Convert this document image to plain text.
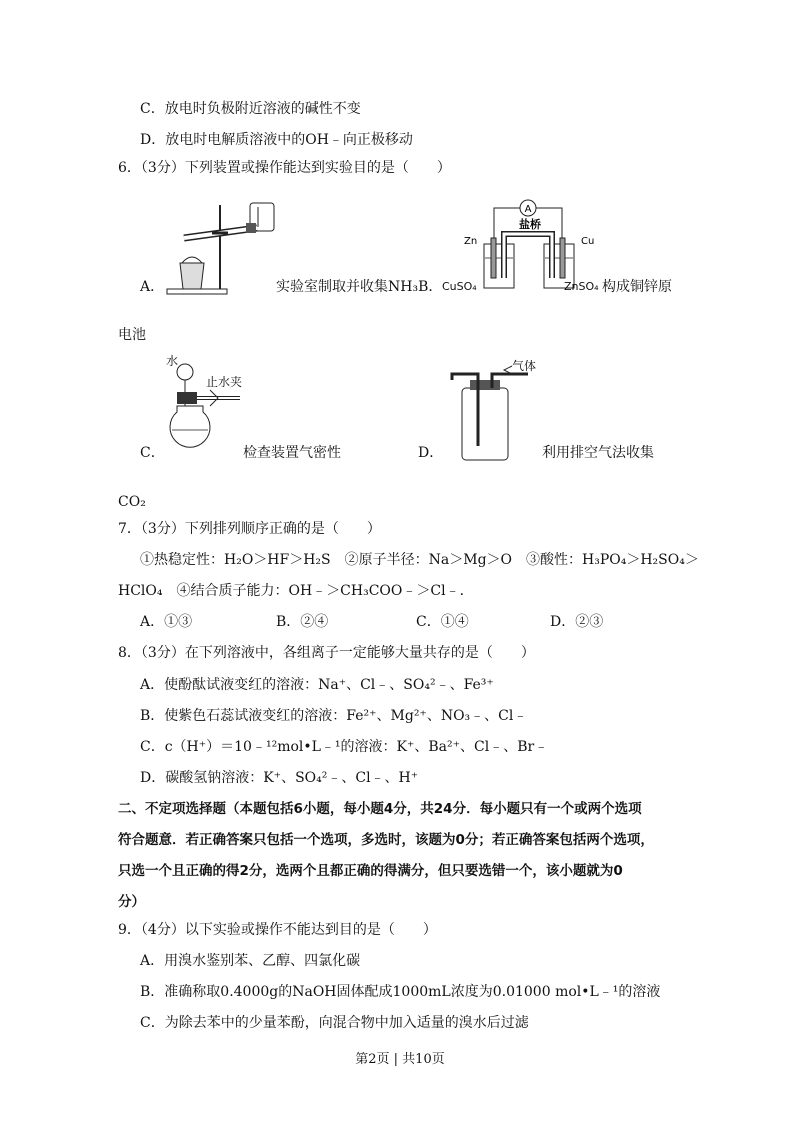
C．放电时负极附近溶液的碱性不变
D．放电时电解质溶液中的OH﹣向正极移动
6．（3分）下列装置或操作能达到实验目的是（　　）
A．	实验室制取并收集NH₃B．
A
盐桥
Zn	Cu
CuSO₄	ZnSO₄ 构成铜锌原
电池
水
止水夹
C．	检查装置气密性
气体
D．	利用排空气法收集
CO₂
7．（3分）下列排列顺序正确的是（　　）
①热稳定性：H₂O＞HF＞H₂S　②原子半径：Na＞Mg＞O　③酸性：H₃PO₄＞H₂SO₄＞
HClO₄　④结合质子能力：OH﹣＞CH₃COO﹣＞Cl﹣．
A．①③	B．②④	C．①④	D．②③
8．（3分）在下列溶液中，各组离子一定能够大量共存的是（　　）
A．使酚酞试液变红的溶液：Na⁺、Cl﹣、SO₄²﹣、Fe³⁺
B．使紫色石蕊试液变红的溶液：Fe²⁺、Mg²⁺、NO₃﹣、Cl﹣
C．c（H⁺）＝10﹣¹²mol•L﹣¹的溶液：K⁺、Ba²⁺、Cl﹣、Br﹣
D．碳酸氢钠溶液：K⁺、SO₄²﹣、Cl﹣、H⁺
二、不定项选择题（本题包括6小题，每小题4分，共24分．每小题只有一个或两个选项
符合题意．若正确答案只包括一个选项，多选时，该题为0分；若正确答案包括两个选项，
只选一个且正确的得2分，选两个且都正确的得满分，但只要选错一个，该小题就为0
分）
9．（4分）以下实验或操作不能达到目的是（　　）
A．用溴水鉴别苯、乙醇、四氯化碳
B．准确称取0.4000g的NaOH固体配成1000mL浓度为0.01000 mol•L﹣¹的溶液
C．为除去苯中的少量苯酚，向混合物中加入适量的溴水后过滤
第2页 | 共10页
